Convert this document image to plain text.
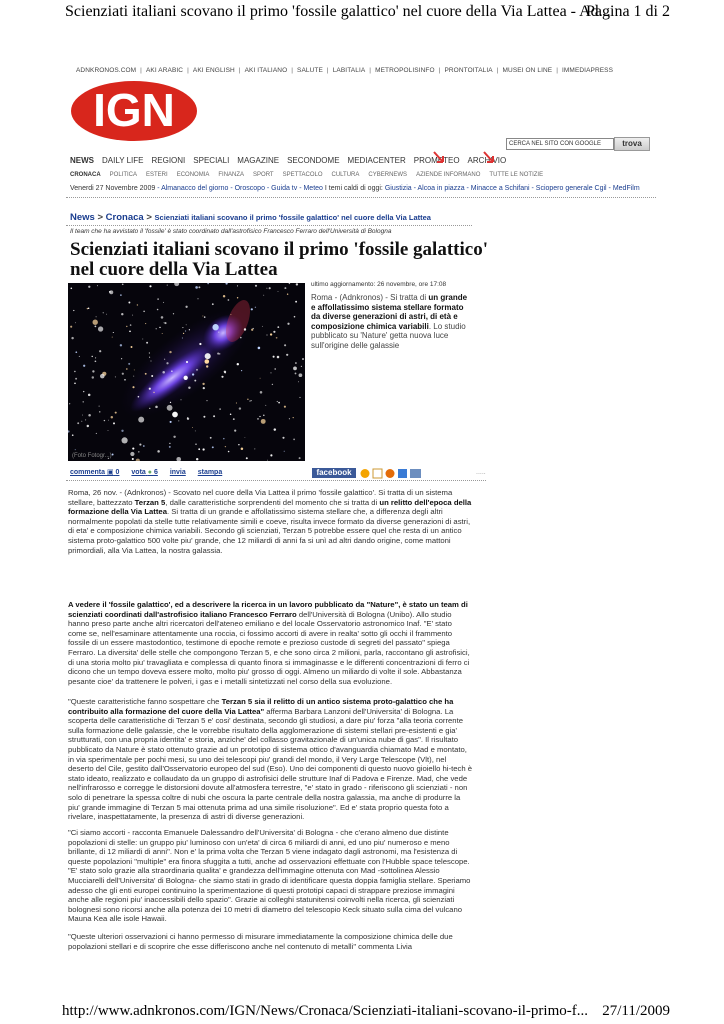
Scienziati italiani scovano il primo 'fossile galattico' nel cuore della Via Lattea - Ad...
Pagina 1 di 2
ADNKRONOS.COM | AKI ARABIC | AKI ENGLISH | AKI ITALIANO | SALUTE | LABITALIA | METROPOLISINFO | PRONTOITALIA | MUSEI ON LINE | IMMEDIAPRESS
IGN
CERCA NEL SITO CON GOOGLE	trova
NEWS DAILY LIFE REGIONI SPECIALI MAGAZINE SECONDOME MEDIACENTER PROMETEO ARCHIVIO
CRONACA POLITICA ESTERI ECONOMIA FINANZA SPORT SPETTACOLO CULTURA CYBERNEWS AZIENDE INFORMANO TUTTE LE NOTIZIE
Venerdi 27 Novembre 2009 - Almanacco del giorno - Oroscopo - Guida tv - Meteo I temi caldi di oggi: Giustizia - Alcoa in piazza - Minacce a Schifani - Sciopero generale Cgil - MedFilm
News > Cronaca > Scienziati italiani scovano il primo 'fossile galattico' nel cuore della Via Lattea
Il team che ha avvistato il 'fossile' è stato coordinato dall'astrofisico Francesco Ferraro dell'Università di Bologna
Scienziati italiani scovano il primo 'fossile galattico' nel cuore della Via Lattea
(Foto Fotogr...)
ultimo aggiornamento: 26 novembre, ore 17:08
Roma - (Adnkronos) - Si tratta di un grande e affollatissimo sistema stellare formato da diverse generazioni di astri, di età e composizione chimica variabili. Lo studio pubblicato su 'Nature' getta nuova luce sull'origine delle galassie
commenta ▣ 0 vota ● 6 invia stampa	facebook	.....
Roma, 26 nov. - (Adnkronos) - Scovato nel cuore della Via Lattea il primo 'fossile galattico'. Si tratta di un sistema stellare, battezzato Terzan 5, dalle caratteristiche sorprendenti del momento che si tratta di un relitto dell'epoca della formazione della Via Lattea. Si tratta di un grande e affollatissimo sistema stellare che, a differenza degli altri normalmente popolati da stelle tutte relativamente simili e coeve, risulta invece formato da diverse generazioni di astri, di eta' e composizione chimica variabili. Secondo gli scienziati, Terzan 5 potrebbe essere quel che resta di un antico sistema proto-galattico 500 volte piu' grande, che 12 miliardi di anni fa si unì ad altri dando origine, come mattoni primordiali, alla Via Lattea, la nostra galassia.
A vedere il 'fossile galattico', ed a descrivere la ricerca in un lavoro pubblicato da "Nature", è stato un team di scienziati coordinati dall'astrofisico italiano Francesco Ferraro dell'Università di Bologna (Unibo). Allo studio hanno preso parte anche altri ricercatori dell'ateneo emiliano e del locale Osservatorio astronomico Inaf. "E' stato come se, nell'esaminare attentamente una roccia, ci fossimo accorti di avere in realta' sotto gli occhi il frammento fossile di un essere mastodontico, testimone di epoche remote e prezioso custode di segreti del passato" spiega Ferraro. La diversita' delle stelle che compongono Terzan 5, e che sono circa 2 milioni, parla, raccontano gli astrofisici, di una storia molto piu' travagliata e complessa di quanto finora si immaginasse e le differenti concentrazioni di ferro ci dicono che un tempo doveva essere molto, molto piu' grosso di oggi. Almeno un miliardo di volte il sole. Abbastanza pesante cioe' da trattenere le polveri, i gas e i metalli sintetizzati nel corso della sua evoluzione.
"Queste caratteristiche fanno sospettare che Terzan 5 sia il relitto di un antico sistema proto-galattico che ha contribuito alla formazione del cuore della Via Lattea" afferma Barbara Lanzoni dell'Universita' di Bologna. La scoperta delle caratteristiche di Terzan 5 e' cosi' destinata, secondo gli studiosi, a dare piu' forza "alla teoria corrente sulla formazione delle galassie, che le vorrebbe risultato della agglomerazione di sistemi stellari pre-esistenti e gia' strutturati, con una propria identita' e storia, anziche' del collasso gravitazionale di un'unica nube di gas". Il risultato pubblicato da Nature è stato ottenuto grazie ad un prototipo di sistema ottico d'avanguardia chiamato Mad e montato, in via sperimentale per pochi mesi, su uno dei telescopi piu' grandi del mondo, il Very Large Telescope (Vlt), nel deserto del Cile, gestito dall'Osservatorio europeo del sud (Eso). Uno dei componenti di questo nuovo gioiello hi-tech è stato ideato, realizzato e collaudato da un gruppo di astrofisici delle strutture Inaf di Padova e Firenze. Mad, che vede nell'infrarosso e corregge le distorsioni dovute all'atmosfera terrestre, "e' stato in grado - riferiscono gli scienziati - non solo di penetrare la spessa coltre di nubi che oscura la parte centrale della nostra galassia, ma anche di produrre la piu' grande immagine di Terzan 5 mai ottenuta prima ad una simile risoluzione". Ed e' stata proprio questa foto a rivelare, inaspettatamente, la presenza di astri di diverse generazioni.
"Ci siamo accorti - racconta Emanuele Dalessandro dell'Universita' di Bologna - che c'erano almeno due distinte popolazioni di stelle: un gruppo piu' luminoso con un'eta' di circa 6 miliardi di anni, ed uno piu' numeroso e meno brillante, di 12 miliardi di anni". Non e' la prima volta che Terzan 5 viene indagato dagli astronomi, ma l'esistenza di queste popolazioni "multiple" era finora sfuggita a tutti, anche ad osservazioni effettuate con l'Hubble space telescope. "E' stato solo grazie alla straordinaria qualita' e grandezza dell'immagine ottenuta con Mad -sottolinea Alessio Mucciarelli dell'Universita' di Bologna- che siamo stati in grado di identificare questa doppia famiglia stellare. Speriamo adesso che gli enti europei continuino la sperimentazione di questi prototipi capaci di strappare preziose immagini anche alle regioni piu' inaccessibili dello spazio". Grazie ai colleghi statunitensi coinvolti nella ricerca, gli scienziati bolognesi sono ricorsi anche alla potenza dei 10 metri di diametro del telescopio Keck situato sulla cima del vulcano Mauna Kea alle isole Hawaii.
"Queste ulteriori osservazioni ci hanno permesso di misurare immediatamente la composizione chimica delle due popolazioni stellari e di scoprire che esse differiscono anche nel contenuto di metalli" commenta Livia
http://www.adnkronos.com/IGN/News/Cronaca/Scienziati-italiani-scovano-il-primo-f... 27/11/2009
